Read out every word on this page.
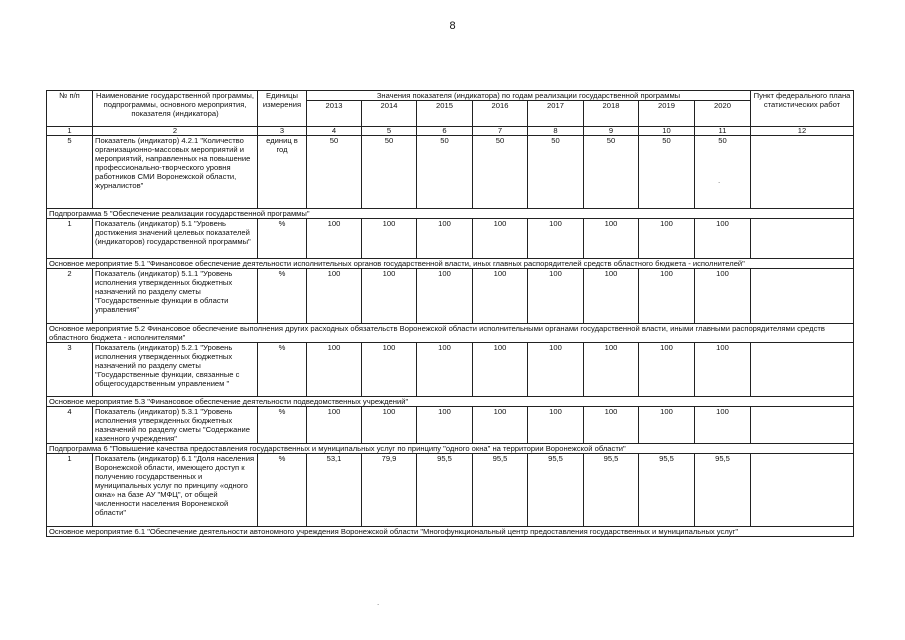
8
№ п/п	Наименование государственной программы, подпрограммы, основного мероприятия, показателя (индикатора)	Единицы измерения	Значения показателя (индикатора) по годам реализации государственной программы								Пункт федерального плана статистических работ
			2013	2014	2015	2016	2017	2018	2019	2020	
1	2	3	4	5	6	7	8	9	10	11	12
5	Показатель (индикатор) 4.2.1 "Количество организационно-массовых мероприятий и мероприятий, направленных на повышение профессионально-творческого уровня работников СМИ Воронежской области, журналистов"	единиц в год	50	50	50	50	50	50	50	50	
Подпрограмма 5 "Обеспечение реализации государственной программы"											
1	Показатель (индикатор) 5.1 "Уровень достижения значений целевых показателей (индикаторов) государственной программы"	%	100	100	100	100	100	100	100	100	
Основное мероприятие 5.1 "Финансовое обеспечение деятельности исполнительных органов государственной власти, иных главных распорядителей средств областного бюджета - исполнителей"											
2	Показатель (индикатор) 5.1.1 "Уровень исполнения утвержденных бюджетных назначений по разделу сметы "Государственные функции в области управления"	%	100	100	100	100	100	100	100	100	
Основное мероприятие 5.2 Финансовое обеспечение выполнения других расходных обязательств Воронежской области исполнительными органами государственной власти, иными главными распорядителями средств областного бюджета - исполнителями"											
3	Показатель (индикатор) 5.2.1 "Уровень исполнения утвержденных бюджетных назначений по разделу сметы "Государственные функции, связанные с общегосударственным управлением "	%	100	100	100	100	100	100	100	100	
Основное мероприятие 5.3 "Финансовое обеспечение деятельности подведомственных учреждений"											
4	Показатель (индикатор) 5.3.1 "Уровень исполнения утвержденных бюджетных назначений по разделу сметы "Содержание казенного учреждения"	%	100	100	100	100	100	100	100	100	
Подпрограмма 6 "Повышение качества предоставления государственных и муниципальных услуг по принципу "одного окна" на территории Воронежской области"											
1	Показатель (индикатор) 6.1 "Доля населения Воронежской области, имеющего доступ к получению государственных и муниципальных услуг по принципу «одного окна» на базе АУ "МФЦ", от общей численности населения Воронежской области"	%	53,1	79,9	95,5	95,5	95,5	95,5	95,5	95,5	
Основное мероприятие 6.1 "Обеспечение деятельности автономного учреждения Воронежской области "Многофункциональный центр предоставления государственных и муниципальных услуг"											
.
.
